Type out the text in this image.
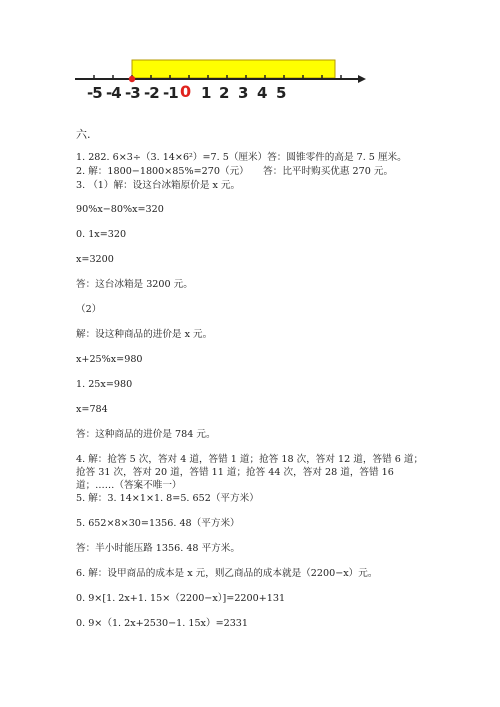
-5 -4 -3 -2 -1 0 1 2 3 4 5
六.
1. 282. 6×3÷（3. 14×6²）=7. 5（厘米）答：圆锥零件的高是 7. 5 厘米。
2. 解：1800−1800×85%=270（元）　　答：比平时购买优惠 270 元。
3. （1）解：设这台冰箱原价是 x 元。
90%x−80%x=320
0. 1x=320
x=3200
答：这台冰箱是 3200 元。
（2）
解：设这种商品的进价是 x 元。
x+25%x=980
1. 25x=980
x=784
答：这种商品的进价是 784 元。
4. 解：抢答 5 次，答对 4 道，答错 1 道；抢答 18 次，答对 12 道，答错 6 道；
抢答 31 次，答对 20 道，答错 11 道；抢答 44 次，答对 28 道，答错 16
道；……（答案不唯一）
5. 解：3. 14×1×1. 8=5. 652（平方米）
5. 652×8×30=1356. 48（平方米）
答：半小时能压路 1356. 48 平方米。
6. 解：设甲商品的成本是 x 元，则乙商品的成本就是（2200−x）元。
0. 9×[1. 2x+1. 15×（2200−x）]=2200+131
0. 9×（1. 2x+2530−1. 15x）=2331
